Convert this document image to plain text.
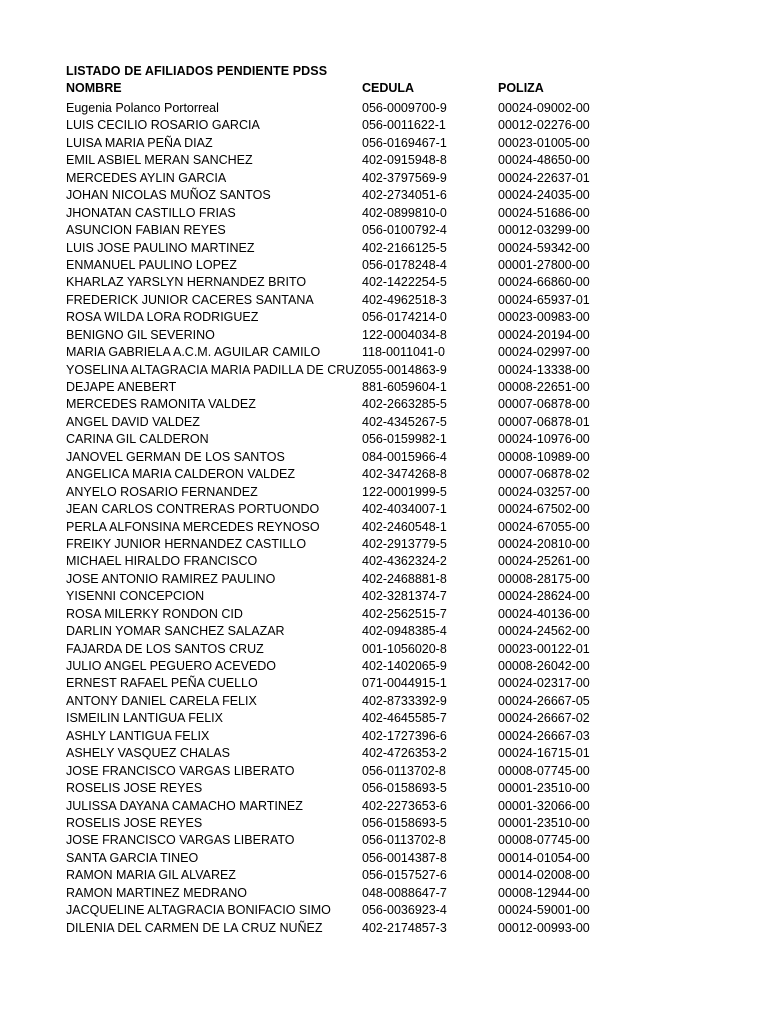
LISTADO DE AFILIADOS PENDIENTE PDSS
NOMBRE	CEDULA	POLIZA
Eugenia Polanco Portorreal	056-0009700-9	00024-09002-00
LUIS CECILIO ROSARIO GARCIA	056-0011622-1	00012-02276-00
LUISA MARIA PEÑA DIAZ	056-0169467-1	00023-01005-00
EMIL ASBIEL MERAN SANCHEZ	402-0915948-8	00024-48650-00
MERCEDES AYLIN GARCIA	402-3797569-9	00024-22637-01
JOHAN NICOLAS MUÑOZ SANTOS	402-2734051-6	00024-24035-00
JHONATAN CASTILLO FRIAS	402-0899810-0	00024-51686-00
ASUNCION FABIAN REYES	056-0100792-4	00012-03299-00
LUIS JOSE PAULINO MARTINEZ	402-2166125-5	00024-59342-00
ENMANUEL PAULINO LOPEZ	056-0178248-4	00001-27800-00
KHARLAZ YARSLYN HERNANDEZ BRITO	402-1422254-5	00024-66860-00
FREDERICK JUNIOR CACERES SANTANA	402-4962518-3	00024-65937-01
ROSA WILDA LORA RODRIGUEZ	056-0174214-0	00023-00983-00
BENIGNO GIL SEVERINO	122-0004034-8	00024-20194-00
MARIA GABRIELA A.C.M. AGUILAR CAMILO	118-0011041-0	00024-02997-00
YOSELINA ALTAGRACIA MARIA PADILLA DE CRUZ 055-0014863-9	00024-13338-00
DEJAPE ANEBERT	881-6059604-1	00008-22651-00
MERCEDES RAMONITA VALDEZ	402-2663285-5	00007-06878-00
ANGEL DAVID VALDEZ	402-4345267-5	00007-06878-01
CARINA GIL CALDERON	056-0159982-1	00024-10976-00
JANOVEL GERMAN DE LOS SANTOS	084-0015966-4	00008-10989-00
ANGELICA MARIA CALDERON VALDEZ	402-3474268-8	00007-06878-02
ANYELO ROSARIO FERNANDEZ	122-0001999-5	00024-03257-00
JEAN CARLOS CONTRERAS PORTUONDO	402-4034007-1	00024-67502-00
PERLA ALFONSINA MERCEDES REYNOSO	402-2460548-1	00024-67055-00
FREIKY JUNIOR HERNANDEZ CASTILLO	402-2913779-5	00024-20810-00
MICHAEL HIRALDO FRANCISCO	402-4362324-2	00024-25261-00
JOSE ANTONIO RAMIREZ PAULINO	402-2468881-8	00008-28175-00
YISENNI CONCEPCION	402-3281374-7	00024-28624-00
ROSA MILERKY RONDON CID	402-2562515-7	00024-40136-00
DARLIN YOMAR SANCHEZ SALAZAR	402-0948385-4	00024-24562-00
FAJARDA DE LOS SANTOS CRUZ	001-1056020-8	00023-00122-01
JULIO ANGEL PEGUERO ACEVEDO	402-1402065-9	00008-26042-00
ERNEST RAFAEL PEÑA CUELLO	071-0044915-1	00024-02317-00
ANTONY DANIEL CARELA FELIX	402-8733392-9	00024-26667-05
ISMEILIN LANTIGUA FELIX	402-4645585-7	00024-26667-02
ASHLY LANTIGUA FELIX	402-1727396-6	00024-26667-03
ASHELY VASQUEZ CHALAS	402-4726353-2	00024-16715-01
JOSE FRANCISCO VARGAS LIBERATO	056-0113702-8	00008-07745-00
ROSELIS JOSE REYES	056-0158693-5	00001-23510-00
JULISSA DAYANA CAMACHO MARTINEZ	402-2273653-6	00001-32066-00
ROSELIS JOSE REYES	056-0158693-5	00001-23510-00
JOSE FRANCISCO VARGAS LIBERATO	056-0113702-8	00008-07745-00
SANTA GARCIA TINEO	056-0014387-8	00014-01054-00
RAMON MARIA GIL ALVAREZ	056-0157527-6	00014-02008-00
RAMON MARTINEZ MEDRANO	048-0088647-7	00008-12944-00
JACQUELINE ALTAGRACIA BONIFACIO SIMO 056-0036923-4	00024-59001-00
DILENIA DEL CARMEN DE LA CRUZ NUÑEZ	402-2174857-3	00012-00993-00
